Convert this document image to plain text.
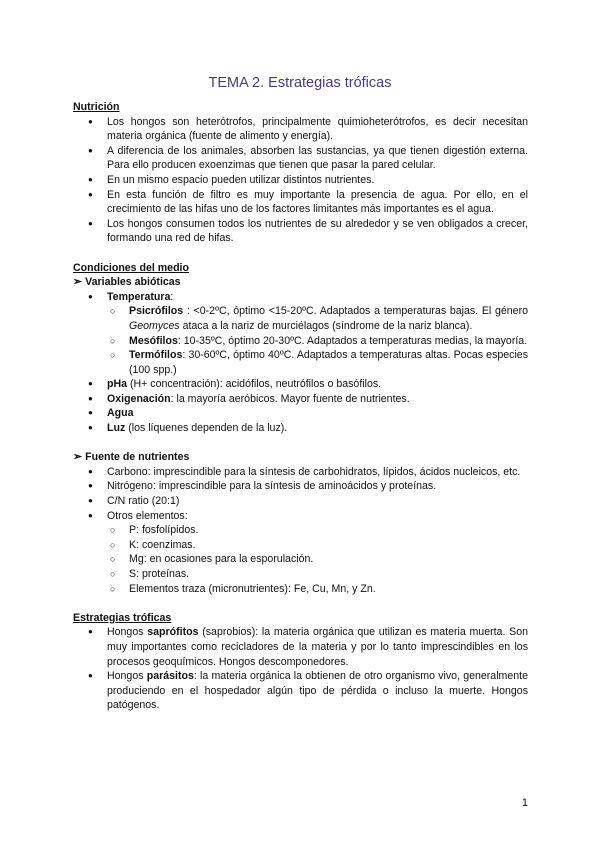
TEMA 2. Estrategias tróficas
Nutrición
● Los hongos son heterótrofos, principalmente quimioheterótrofos, es decir necesitan materia orgánica (fuente de alimento y energía).
● A diferencia de los animales, absorben las sustancias, ya que tienen digestión externa. Para ello producen exoenzimas que tienen que pasar la pared celular.
● En un mismo espacio pueden utilizar distintos nutrientes.
● En esta función de filtro es muy importante la presencia de agua. Por ello, en el crecimiento de las hifas uno de los factores limitantes más importantes es el agua.
● Los hongos consumen todos los nutrientes de su alrededor y se ven obligados a crecer, formando una red de hifas.
Condiciones del medio
➢ Variables abióticas
● Temperatura:
○ Psicrófilos : <0-2ºC, óptimo <15-20ºC. Adaptados a temperaturas bajas. El género Geomyces ataca a la nariz de murciélagos (síndrome de la nariz blanca).
○ Mesófilos: 10-35ºC, óptimo 20-30ºC. Adaptados a temperaturas medias, la mayoría.
○ Termófilos: 30-60ºC, óptimo 40ºC. Adaptados a temperaturas altas. Pocas especies (100 spp.)
● pHa (H+ concentración): acidófilos, neutrófilos o basófilos.
● Oxigenación: la mayoría aeróbicos. Mayor fuente de nutrientes.
● Agua
● Luz (los líquenes dependen de la luz).
➢ Fuente de nutrientes
● Carbono: imprescindible para la síntesis de carbohidratos, lípidos, ácidos nucleicos, etc.
● Nitrógeno: imprescindible para la síntesis de aminoácidos y proteínas.
● C/N ratio (20:1)
● Otros elementos:
○ P: fosfolípidos.
○ K: coenzimas.
○ Mg: en ocasiones para la esporulación.
○ S: proteínas.
○ Elementos traza (micronutrientes): Fe, Cu, Mn, y Zn.
Estrategias tróficas
● Hongos saprófitos (saprobios): la materia orgánica que utilizan es materia muerta. Son muy importantes como recicladores de la materia y por lo tanto imprescindibles en los procesos geoquímicos. Hongos descomponedores.
● Hongos parásitos: la materia orgánica la obtienen de otro organismo vivo, generalmente produciendo en el hospedador algún tipo de pérdida o incluso la muerte. Hongos patógenos.
1
